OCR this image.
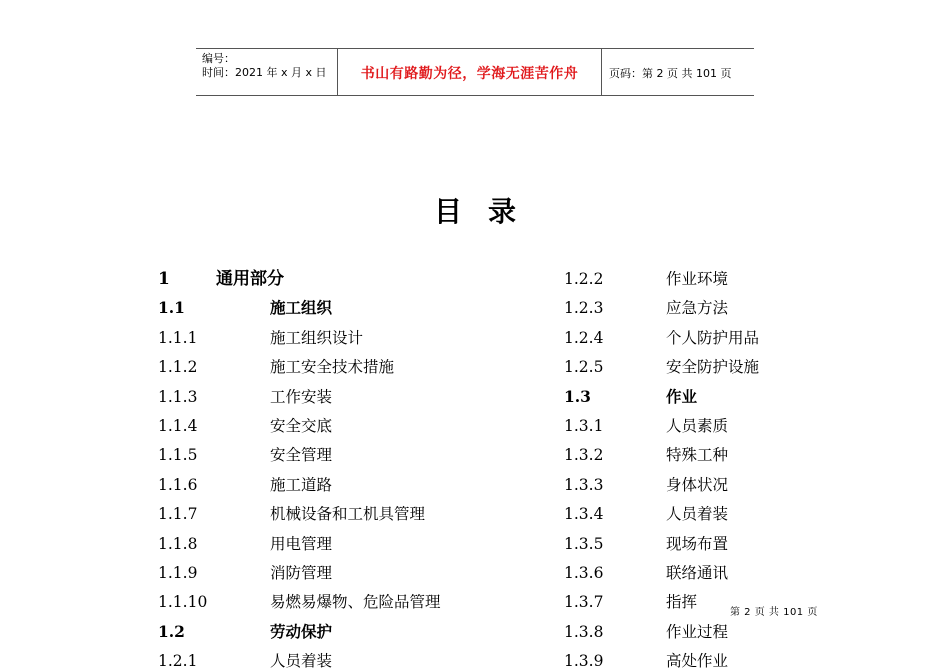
编号：
时间：2021 年 x 月 x 日	书山有路勤为径，学海无涯苦作舟	页码：第 2 页 共 101 页
目录
1	通用部分
1.1	施工组织
1.1.1	施工组织设计
1.1.2	施工安全技术措施
1.1.3	工作安装
1.1.4	安全交底
1.1.5	安全管理
1.1.6	施工道路
1.1.7	机械设备和工机具管理
1.1.8	用电管理
1.1.9	消防管理
1.1.10	易燃易爆物、危险品管理
1.2	劳动保护
1.2.1	人员着装
1.2.2	作业环境
1.2.3	应急方法
1.2.4	个人防护用品
1.2.5	安全防护设施
1.3	作业
1.3.1	人员素质
1.3.2	特殊工种
1.3.3	身体状况
1.3.4	人员着装
1.3.5	现场布置
1.3.6	联络通讯
1.3.7	指挥
1.3.8	作业过程
1.3.9	高处作业
第 2 页 共 101 页
